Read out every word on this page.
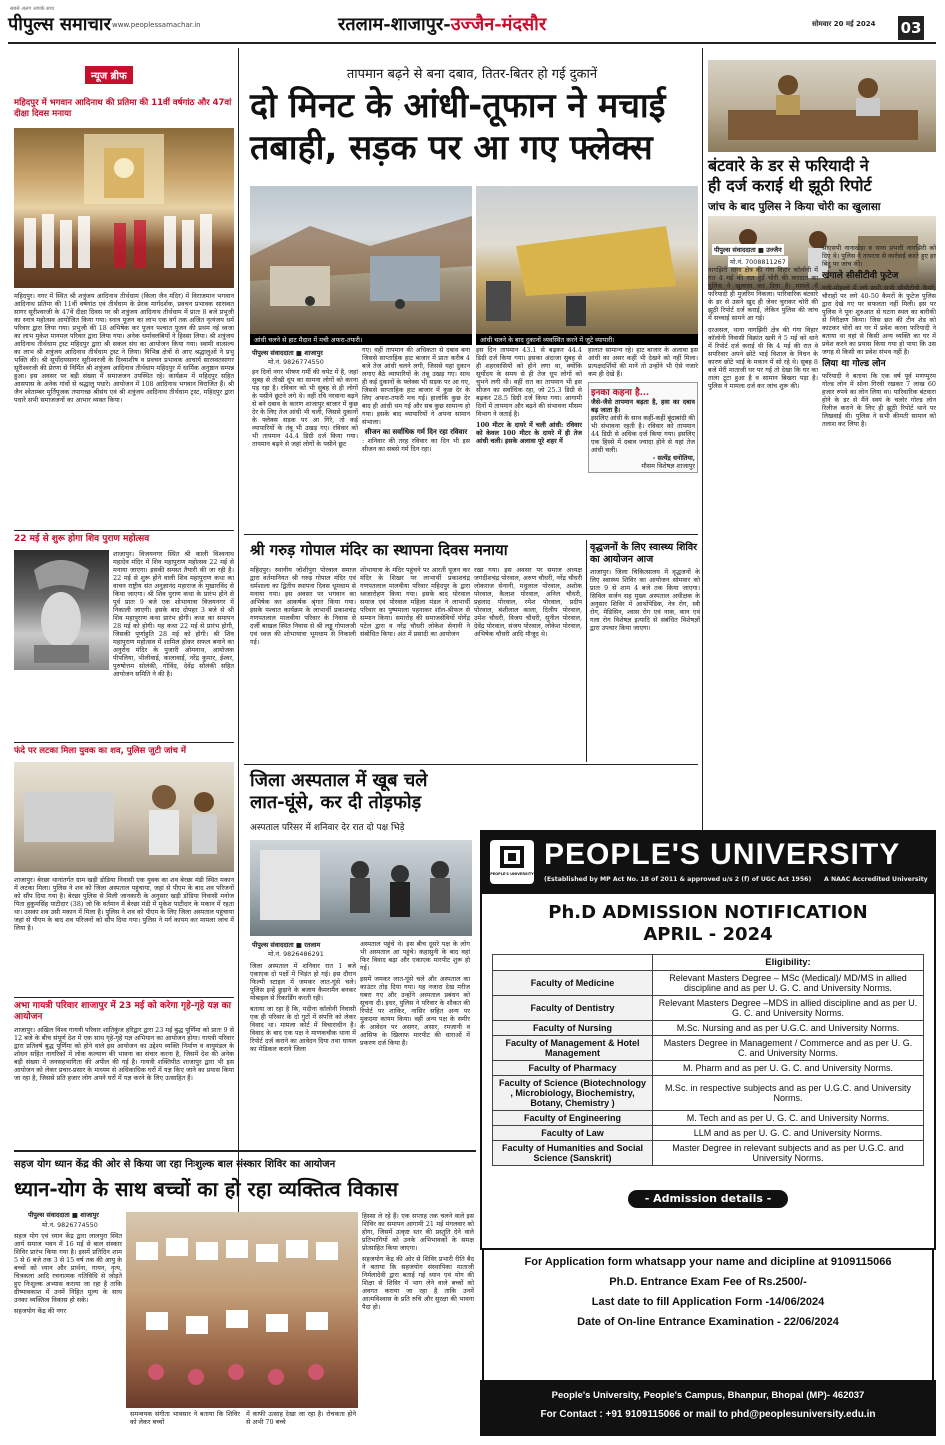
पीपुल्स समाचार
सबसे अलग आपके साथ
www.peoplessamachar.in	रतलाम-शाजापुर-उज्जैन-मंदसौर	सोमवार 20 मई 2024 03
न्यूज ब्रीफ
महिदपुर में भगवान आदिनाथ की प्रतिमा की 11वीं वर्षगांठ और 47वां दीक्षा दिवस मनाया
महिदपुर। नगर में स्थित श्री शत्रुंजय आदिनाथ तीर्थधाम (किला जैन मंदिर) में विराजमान भगवान आदिनाथ प्रतिमा की 11वीं वर्षगांठ एवं तीर्थधाम के प्रेरक मार्गदर्शक, प्रवचन प्रभावक सारस्वत सागर सूरीश्वरजी के 47वें दीक्षा दिवस पर श्री शत्रुंजय आदिनाथ तीर्थधाम में प्रातः 8 बजे प्रभुजी का स्नात्र महोत्सव आयोजित किया गया। स्नात्र पूजन का लाभ एक वर्ग तक अजित नृत्यंजय धर्म परिवार द्वारा लिया गया। प्रभुजी की 18 अभिषेक कर पूजन पश्चात पूजन की प्रथम नई ध्वजा का लाभ मुकेश मानमल परिवार द्वारा लिया गया। अनेक धर्मावलंबियों ने हिस्सा लिया। श्री शत्रुंजय आदिनाथ तीर्थधाम ट्रस्ट महिदपुर द्वारा श्री सकल संघ का आयोजन किया गया। स्वामी वात्सल्य का लाभ श्री शत्रुंजय आदिनाथ तीर्थधाम ट्रस्ट ने लिया। विभिन्न क्षेत्रों से आए श्रद्धालुओं ने प्रभु भक्ति की। श्री सूर्योदयसागर सूरीश्वरजी के दिव्याशीष व प्रवचन प्रभावक आचार्य सारस्वतसागर सूरीश्वरजी की प्रेरणा से निर्मित श्री शत्रुंजय आदिनाथ तीर्थधाम महिदपुर में धार्मिक अनुष्ठान सम्पन्न हुआ। इस अवसर पर बड़ी संख्या में समाजजन उपस्थित रहे। कार्यक्रम में महिदपुर सहित आसपास के अनेक गांवों से श्रद्धालु पधारे। आयोजन में 108 आदिनाथ भगवान विराजित हैं। श्री जैन श्वेताम्बर मूर्तिपूजक तपागच्छ श्रीसंघ एवं श्री शत्रुंजय आदिनाथ तीर्थधाम ट्रस्ट, महिदपुर द्वारा पधारे सभी समाजजनों का आभार व्यक्त किया।
22 मई से शुरू होगा शिव पुराण महोत्सव
शाजापुर। विजयनगर स्थित श्री काली विश्वनाथ महादेव मंदिर में शिव महापुराण महोत्सव 22 मई से मनाया जाएगा। इसकी समस्त तैयारी की जा रही है। 22 मई से शुरू होने वाली शिव महापुराण कथा का वाचन राष्ट्रीय संत अनुज्ञानंद महाराज के मुखारविंद से किया जाएगा। श्री शिव पुराण कथा के प्रारंभ होने से पूर्व प्रातः 9 बजे एक शोभायात्रा विजयनगर में निकाली जाएगी। इसके बाद दोपहर 3 बजे से श्री शिव महापुराण कथा प्रारंभ होगी। कथा का समापन 28 मई को होगी। यह कथा 22 मई से प्रारंभ होगी, जिसकी पूर्णाहुति 28 मई को होगी। श्री शिव महापुराण महोत्सव में शामिल होकर सफल बनाने का अनुरोध मंदिर के पुजारी ओमनाथ, आयोजक पीपलिया, भीलीवाई, कालावाई, नरेंद्र कुमार, ईश्वर, पुरुषोत्तम सोलंकी, गोविंद, देवेंद्र सोलंकी सहित आयोजन समिति ने की है।
फंदे पर लटका मिला युवक का शव, पुलिस जुटी जांच में
शाजापुर। बेरछा थानांतर्गत ग्राम खड़ी डोडिया निवासी एक युवक का शव बेरछा मंडी स्थित मकान में लटका मिला। पुलिस ने शव को जिला अस्पताल पहुंचाया, जहां से पीएम के बाद शव परिजनों को सौंप दिया गया है। बेरछा पुलिस से मिली जानकारी के अनुसार खड़ी डोडिया निवासी मनोज पिता हुकुमसिंह पाटीदार (38) जो कि वर्तमान में बेरछा मंडी में मुकेश पाटीदार के मकान में रहता था। उसका शव उसी मकान में मिला है। पुलिस ने शव को पीएम के लिए जिला अस्पताल पहुंचाया जहां से पीएम के बाद शव परिजनों को सौंप दिया गया। पुलिस ने मर्ग कायम कर मामला जांच में लिया है।
अभा गायत्री परिवार शाजापुर में 23 मई को करेगा गृहे-गृहे यज्ञ का आयोजन
शाजापुर। अखिल विश्व गायत्री परिवार शांतिकुंज हरिद्वार द्वारा 23 मई बुद्ध पूर्णिमा को प्रातः 9 से 12 बजे के बीच संपूर्ण देश में एक साथ गृहे-गृहे यज्ञ अभियान का आयोजन होगा। गायत्री परिवार द्वारा प्रतिवर्ष बुद्ध पूर्णिमा को होने वाले इस आयोजन का उद्देश्य व्यक्ति निर्माण व वायुमंडल के शोधन सहित नागरिकों में लोक कल्याण की भावना का संचार करना है, जिसमें देश की अनेक बड़ी संख्या में जनसहभागिता की अपील की गई है। गायत्री शक्तिपीठ शाजापुर द्वारा भी इस आयोजन को लेकर प्रचार-प्रसार के माध्यम से अधिकाधिक घरों में यज्ञ किए जाने का प्रयास किया जा रहा है, जिससे प्रति हजार लोग अपने घरों में यज्ञ करने के लिए उत्साहित हैं।
तापमान बढ़ने से बना दबाव, तितर-बितर हो गई दुकानें
दो मिनट के आंधी-तूफान ने मचाई
तबाही, सड़क पर आ गए फ्लेक्स
आंधी चलने से हाट मैदान में मची अफरा-तफरी।	आंधी चलने के बाद दुकानों व्यवस्थित करने में जुटे व्यापारी।
पीपुल्स संवाददाता ■ शाजापुर
मो.नं. 9826774550
इन दिनों नगर भीषण गर्मी की चपेट में है, जहां सुबह से तीखी धूप का सामना लोगों को करना पड़ रहा है। रविवार को भी सुबह से ही लोगों के पसीने छूटने लगे थे। वहीं रवि नरवाना बढ़ने से बने दबाव के कारण शाजापुर बाजार में कुछ देर के लिए तेज आंधी भी चली, जिससे दुकानों के फ्लेक्स सड़क पर आ गिरे, तो कई व्यापारियों के तंबू भी उखड़ गए। रविवार को भी तापमान 44.4 डिग्री दर्ज किया गया। तापमान बढ़ने से जहां लोगों के पसीने छूट
गए। वहीं तापमान की अधिकता से दबाव बना जिससे साप्ताहिक हाट बाजार में प्रातः करीब 4 बजे तेज आंधी चलने लगी, जिससे यहां दुकान लगाए बैठे व्यापारियों के तंबू उखड़ गए। साथ ही कई दुकानों के फ्लेक्स भी सड़क पर आ गए, जिससे साप्ताहिक हाट बाजार में कुछ देर के लिए अफरा-तफरी मच गई। हालांकि कुछ देर बाद ही आंधी थम गई और सब कुछ सामान्य हो गया। इसके बाद व्यापारियों ने अपना सामान संभाला।
सीजन का सर्वाधिक गर्म दिन रहा रविवार
: शनिवार की तरह रविवार का दिन भी इस सीजन का सबसे गर्म दिन रहा।
इस दिन तापमान 43.1 से बढ़कर 44.4 डिग्री दर्ज किया गया। इसका अंदाजा सुबह से ही शहरवासियों को होने लगा था, क्योंकि सूर्योदय के समय से ही तेज धूप लोगों को चुभने लगी थी। वहीं रात का तापमान भी इस सीजन का सर्वाधिक रहा, जो 25.3 डिग्री से बढ़कर 28.5 डिग्री दर्ज किया गया। आगामी दिनों में तापमान और बढ़ने की संभावना मौसम विभाग ने जताई है।
100 मीटर के दायरे में चली आंधी: रविवार को केवल 100 मीटर के दायरे में ही तेज आंधी चली। इसके अलावा पूरे शहर में
हालात सामान्य रहे। हाट बाजार के अलावा इस आंधी का असर कहीं भी देखने को नहीं मिला। प्रत्यक्षदर्शियों की मानें तो उन्होंने भी ऐसे नजारे कम ही देखे हैं।
इनका कहना है...
जैसे-जैसे तापमान बढ़ता है, हवा का दबाव बढ़ जाता है।
इसलिए आंधी के साथ कहीं-कहीं बूंदाबांदी की भी संभावना रहती है। रविवार को तापमान 44 डिग्री से अधिक दर्ज किया गया। इसलिए एक हिस्से में दबाव ज्यादा होने से यहां तेज आंधी चली।
- सत्येंद्र धनोतिया,
मौसम विशेषज्ञ शाजापुर
बंटवारे के डर से फरियादी ने
ही दर्ज कराई थी झूठी रिपोर्ट
जांच के बाद पुलिस ने किया चोरी का खुलासा
पीपुल्स संवाददाता ■ उज्जैन
मो.नं. 7008811267
नागझिरी थाना क्षेत्र की गंगा विहार कॉलोनी में गत 4 मई की रात हुई चोरी की वारदात का पुलिस ने खुलासा कर दिया है। मामले में फरियादी ही मुजरिम निकला। पारिवारिक बंटवारे के डर से उसने खुद ही जेवर चुराकर चोरी की झूठी रिपोर्ट दर्ज कराई, लेकिन पुलिस की जांच में सच्चाई सामने आ गई।
दरअसल, थाना नागझिरी क्षेत्र की गंगा विहार कॉलोनी निवासी विक्रांत खत्री ने 5 मई को थाने में रिपोर्ट दर्ज कराई थी कि 4 मई की रात वे सपरिवार अपने छोटे भाई विशाल के निधन के कारण छोटे भाई के मकान में सो रहे थे। सुबह 8 बजे मेरी माताजी घर पर गई तो देखा कि घर का ताला टूटा हुआ है व सामान बिखरा पड़ा है। पुलिस ने मामला दर्ज कर जांच शुरू की।
सीएसपी नानाखेड़ा व थाना प्रभारी नागझिरी को दिए थे। पुलिस ने तत्परता से कार्रवाई करते हुए हर बिंदु पर जांच की।
खंगाले सीसीटीवी फुटेज
गली-मोहल्ले में लगे सभी सभी सीसीटीवी कैमरे, चौराहों पर लगे 40-50 कैमरों के फुटेज पुलिस द्वारा देखे गए पर सफलता नहीं मिली। इस पर पुलिस ने पूनः शुरुआत से घटना स्थल का बारीकी से निरीक्षण किया। जिस छत की टीन शेड को काटकर चोरों का घर में प्रवेश करना फरियादी ने बताया था वहां से किसी अन्य व्यक्ति का घर में प्रवेश करने का प्रयास किया गया हो पाया कि उस जगह से किसी का प्रवेश संभव नहीं है।
लिया था गोल्ड लोन
फरियादी ने बताया कि एक वर्ष पूर्व मणप्पुरम गोल्ड लोन में सोना गिरवी रखकर 7 लाख 60 हजार रुपये का लोन लिया था। पारिवारिक बंटवारा होने के डर से मैंने स्वयं के चलोर गोल्ड लोन रिलीज कराने के लिए ही झूठी रिपोर्ट थाने पर लिखवाई थी। पुलिस ने सभी कीमती सामान को तलाश कर लिया है।
श्री गरुड़ गोपाल मंदिर का स्थापना दिवस मनाया
महिदपुर। स्थानीय जोशीपुरा पोरवाल समाज द्वारा वर्तमानियत श्री गरुड़ गोपाल मंदिर एवं धर्मशाला का द्वितीय स्थापना दिवस धूमधाम से मनाया गया। इस अवसर पर भगवान का अभिषेक कर आकर्षक श्रृंगार किया गया। इसके पश्चात कार्यक्रम के लाभार्थी प्रकाशचंद्र गणपतलाल मालवीया परिवार के निवास से दर्जी बाखल स्थित निवास से श्री लड्डू गोपालजी एवं ध्वज की शोभायात्रा भूमधाम से निकाली गई।
शोभायात्रा के मंदिर पहुंचने पर आरती पूजन कर मंदिर के शिखर पर लाभार्थी प्रकाशचंद्र गणपतलाल मालवीया परिवार महिदपुर के द्वारा ध्वजारोहण किया गया। इसके बाद पोरवाल समाज एवं पोरवाल महिला मंडल ने लाभार्थी परिवार का पुष्पमाला पहनाकर शॉल-श्रीफल से सम्मान किया। समारोह की समाजसेवियों योगेंद्र पटेल द्वारा व नरेंद्र चौधरी लोकेश सेनानी ने संबोधित किया। अंत में प्रसादी का आयोजन
रखा गया। इस अवसर पर समाज अध्यक्ष जगदीशचंद्र पोरवाल, अरुण चौधरी, नरेंद्र चौधरी लोकराज सेनानी, मधुलाल पोरवाल, अशोक पोरवाल, कैलाश पोरवाल, अनिल चौधरी, प्रहलाद पोरवाल, रमेश पोरवाल, प्रदीप पोरवाल, बंशीलाल काला, दिलीप पोरवाल, उमेश चौधरी, विजय चौधरी, सुनील पोरवाल, देवेंद्र पोरवाल, संजय पोरवाल, लोकेश पोरवाल, अभिषेक चौधरी आदि मौजूद थे।
वृद्धजनों के लिए स्वास्थ्य शिविर का आयोजन आज
शाजापुर। जिला चिकित्सालय में वृद्धजनों के लिए स्वास्थ्य शिविर का आयोजन सोमवार को प्रातः 9 से शाम 4 बजे तक किया जाएगा। सिविल सर्जन सह मुख्य अस्पताल अधीक्षक के अनुसार शिविर में आर्थोपेडिक, नेत्र रोग, स्त्री रोग, मेडिसिन, श्वास रोग एवं नाक, कान एवं गला रोग विशेषज्ञ इत्यादि से संबंधित विशेषज्ञों द्वारा उपचार किया जाएगा।
जिला अस्पताल में खूब चले
लात-घूंसे, कर दी तोड़फोड़
अस्पताल परिसर में शनिवार देर रात दो पक्ष भिड़े
पीपुल्स संवाददाता ■ रतलाम
मो.नं. 9826486291
जिला अस्पताल में शनिवार रात 1 बजे एकाएक दो पक्षों में भिड़ंत हो गई। इस दौरान फिल्मी स्टाइल में जमकर लात-घूंसे चले। पुलिस इन्हें छुड़ाने के बजाय कैमरामैन बनकर मोबाइल से रिकार्डिंग करती रही।
बताया जा रहा है कि, मदीना कॉलोनी निवासी एक ही परिवार के दो गुटों में संपत्ति को लेकर विवाद था। मामला कोर्ट में विचाराधीन है। विवाद के बाद एक पक्ष ने माणकचौक थाना में रिपोर्ट दर्ज कराने का आवेदन दिया तथा घायल का मेडिकल कराने जिला
अस्पताल पहुंचे थे। इस बीच दूसरे पक्ष के लोग भी अस्पताल आ पहुंचे। कहासुनी के बाद वहां फिर विवाद बढ़ा और एकाएक मारपीट शुरू हो गई।
इसमें जमकर लात-घूंसे चले और अस्पताल का काउंटर तोड़ दिया गया। यह नजारा देख मरीज घबरा गए और उन्होंने अस्पताल प्रबंधन को सूचना दी। इधर, पुलिस ने परिवार के शौकत की रिपोर्ट पर शाकिर, नासिर सहित अन्य पर मुकदमा कायम किया। वहीं अन्य पक्ष के समीर के आवेदन पर असगर, असार, रमजानी व आसिफ के खिलाफ मारपीट की धाराओं में प्रकरण दर्ज किया है।
PEOPLE'S UNIVERSITY
PEOPLE'S UNIVERSITY
(Established by MP Act No. 18 of 2011 & approved u/s 2 (f) of UGC Act 1956) A NAAC Accredited University
Ph.D ADMISSION NOTIFICATION
APRIL - 2024
	Eligibility:
Faculty of Medicine	Relevant Masters Degree – MSc (Medical)/ MD/MS in allied discipline and as per U. G. C. and University Norms.
Faculty of Dentistry	Relevant Masters Degree –MDS in allied discipline and as per U. G. C. and University Norms.
Faculty of Nursing	M.Sc. Nursing and as per U.G.C. and University Norms.
Faculty of Management & Hotel Management	Masters Degree in Management / Commerce and as per U. G. C. and University Norms.
Faculty of Pharmacy	M. Pharm and as per U. G. C. and University Norms.
Faculty of Science (Biotechnology , Microbiology, Biochemistry, Botany, Chemistry )	M.Sc. in respective subjects and as per U.G.C. and University Norms.
Faculty of Engineering	M. Tech and as per U. G. C. and University Norms.
Faculty of Law	LLM and as per U. G. C. and University Norms.
Faculty of Humanities and Social Science (Sanskrit)	Master Degree in relevant subjects and as per U.G.C. and University Norms.
- Admission details -
For Application form whatsapp your name and dicipline at 9109115066
Ph.D. Entrance Exam Fee of Rs.2500/-
Last date to fill Application Form -14/06/2024
Date of On-line Entrance Examination - 22/06/2024
People's University, People's Campus, Bhanpur, Bhopal (MP)- 462037
For Contact : +91 9109115066 or mail to phd@peoplesuniversity.edu.in
सहज योग ध्यान केंद्र की ओर से किया जा रहा निःशुल्क बाल संस्कार शिविर का आयोजन
ध्यान-योग के साथ बच्चों का हो रहा व्यक्तित्व विकास
पीपुल्स संवाददाता ■ शाजापुर
मो.नं. 9826774550
सहज योग एवं ध्यान केंद्र द्वारा लालपुरा स्थित आर्य समाज भवन में 16 मई से बाल संस्कार शिविर प्रारंभ किया गया है। इसमें प्रतिदिन शाम 5 से 6 बजे तक 3 से 15 वर्ष तक की आयु के बच्चों को ध्यान और प्रार्थना, गायन, नृत्य, चित्रकला आदि रचनात्मक गतिविधि से जोड़ते हुए निःशुल्क अभ्यास कराया जा रहा है ताकि ग्रीष्मावकाश में उनमें निहित मूल्य के साथ उनका व्यक्तित्व विकास हो सके।
सहजयोग केंद्र की नगर
समन्वयक संगीता भावसार ने बताया कि शिविर को लेकर बच्चों
में काफी उत्साह देखा जा रहा है। रोचकता होने से अभी 70 बच्चे
हिस्सा ले रहे हैं। एक सप्ताह तक चलने वाले इस शिविर का समापन आगामी 21 मई मंगलवार को होगा, जिसमें उत्कृष्ट स्तर की प्रस्तुति देने वाले प्रतिभागियों को उनके अभिभावकों के समक्ष प्रोत्साहित किया जाएगा।
सहजयोग केंद्र की ओर से शिविर प्रभारी रीति बैद ने बताया कि सहजयोग संस्थापिका माताजी निर्मलादेवी द्वारा बताई गई ध्यान एवं योग की शिक्षा से शिविर में भाग लेने वाले बच्चों को अवगत कराया जा रहा है ताकि उनमें आत्मविश्वास के प्रति रुचि और सुरक्षा की भावना पैदा हो।
